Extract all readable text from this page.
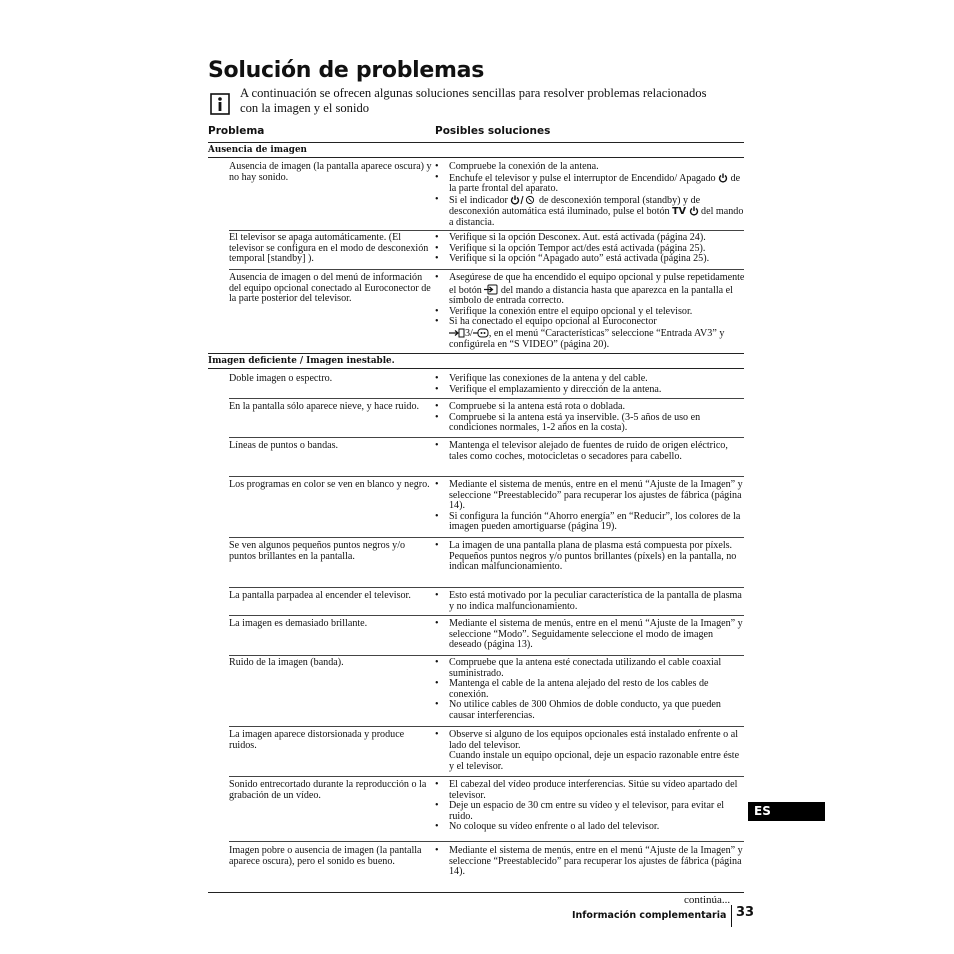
Solución de problemas
A continuación se ofrecen algunas soluciones sencillas para resolver problemas relacionados con la imagen y el sonido
Problema	Posibles soluciones
Ausencia de imagen
Ausencia de imagen (la pantalla aparece oscura) y no hay sonido.
• Compruebe la conexión de la antena.
• Enchufe el televisor y pulse el interruptor de Encendido/ Apagado de la parte frontal del aparato.
• Si el indicador	de desconexión temporal (standby) y de desconexión automática está iluminado, pulse el botón TV del mando a distancia.
El televisor se apaga automáticamente. (El televisor se configura en el modo de desconexión temporal [standby] ).
• Verifique si la opción Desconex. Aut. está activada (página 24).
• Verifique si la opción Tempor act/des está activada (página 25).
• Verifique si la opción “Apagado auto” está activada (página 25).
Ausencia de imagen o del menú de información del equipo opcional conectado al Euroconector de la parte posterior del televisor.
• Asegúrese de que ha encendido el equipo opcional y pulse repetidamente el botón del mando a distancia hasta que aparezca en la pantalla el símbolo de entrada correcto.
• Verifique la conexión entre el equipo opcional y el televisor.
• Si ha conectado el equipo opcional al Euroconector
3/ , en el menú “Características” seleccione “Entrada AV3” y configúrela en “S VIDEO” (página 20).
Imagen deficiente / Imagen inestable.
Doble imagen o espectro.	• Verifique las conexiones de la antena y del cable.
• Verifique el emplazamiento y dirección de la antena.
En la pantalla sólo aparece nieve, y hace ruido.	• Compruebe si la antena está rota o doblada.
• Compruebe si la antena está ya inservible. (3-5 años de uso en condiciones normales, 1-2 años en la costa).
Líneas de puntos o bandas.	• Mantenga el televisor alejado de fuentes de ruido de origen eléctrico, tales como coches, motocicletas o secadores para cabello.
Los programas en color se ven en blanco y negro.	• Mediante el sistema de menús, entre en el menú “Ajuste de la Imagen” y seleccione “Preestablecido” para recuperar los ajustes de fábrica (página 14).
• Si configura la función “Ahorro energía” en “Reducir”, los colores de la imagen pueden amortiguarse (página 19).
Se ven algunos pequeños puntos negros y/o puntos brillantes en la pantalla.
• La imagen de una pantalla plana de plasma está compuesta por píxels.
Pequeños puntos negros y/o puntos brillantes (píxels) en la pantalla, no indican malfuncionamiento.
La pantalla parpadea al encender el televisor.	• Esto está motivado por la peculiar característica de la pantalla de plasma y no indica malfuncionamiento.
La imagen es demasiado brillante.	• Mediante el sistema de menús, entre en el menú “Ajuste de la Imagen” y seleccione “Modo”. Seguidamente seleccione el modo de imagen deseado (página 13).
Ruido de la imagen (banda).	• Compruebe que la antena esté conectada utilizando el cable coaxial suministrado.
• Mantenga el cable de la antena alejado del resto de los cables de conexión.
• No utilice cables de 300 Ohmios de doble conducto, ya que pueden causar interferencias.
La imagen aparece distorsionada y produce ruidos.
• Observe si alguno de los equipos opcionales está instalado enfrente o al lado del televisor.
Cuando instale un equipo opcional, deje un espacio razonable entre éste y el televisor.
Sonido entrecortado durante la reproducción o la grabación de un vídeo.
• El cabezal del vídeo produce interferencias. Sitúe su vídeo apartado del televisor.
• Deje un espacio de 30 cm entre su vídeo y el televisor, para evitar el ruido.
• No coloque su vídeo enfrente o al lado del televisor.
Imagen pobre o ausencia de imagen (la pantalla aparece oscura), pero el sonido es bueno.
• Mediante el sistema de menús, entre en el menú “Ajuste de la Imagen” y seleccione “Preestablecido” para recuperar los ajustes de fábrica (página 14).
ES
continúa...
Información complementaria 33
